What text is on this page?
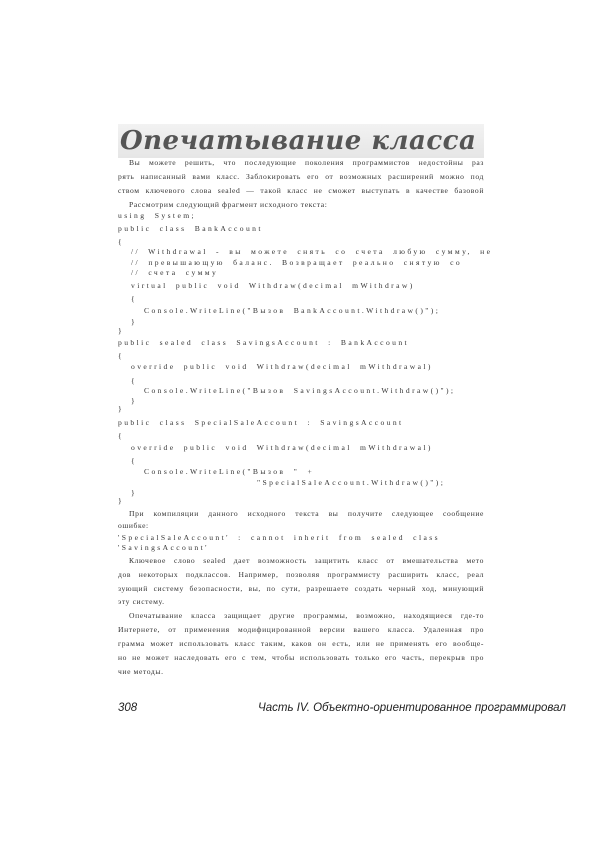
Опечатывание класса
Вы можете решить, что последующие поколения программистов недостойны раз
рять написанный вами класс. Заблокировать его от возможных расширений можно под
ством ключевого слова sealed — такой класс не сможет выступать в качестве базовой
Рассмотрим следующий фрагмент исходного текста:
using System;
public class BankAccount
{
// Withdrawal - вы можете снять со счета любую сумму, не
// превышающую баланс. Возвращает реально снятую со
// счета сумму
virtual public void Withdraw(decimal mWithdraw)
{
Console.WriteLine("Вызов BankAccount.Withdraw()");
}
}
public sealed class SavingsAccount : BankAccount
{
override public void Withdraw(decimal mWithdrawal)
{
Console.WriteLine("Вызов SavingsAccount.Withdraw()");
}
}
public class SpecialSaleAccount : SavingsAccount
{
override public void Withdraw(decimal mWithdrawal)
{
Console.WriteLine("Вызов " +
"SpecialSaleAccount.Withdraw()");
}
}
При компиляции данного исходного текста вы получите следующее сообщение
ошибке:
'SpecialSaleAccount' : cannot inherit from sealed class
'SavingsAccount'
Ключевое слово sealed дает возможность защитить класс от вмешательства мето
дов некоторых подклассов. Например, позволяя программисту расширить класс, реал
зующий систему безопасности, вы, по сути, разрешаете создать черный ход, минующий
эту систему.
Опечатывание класса защищает другие программы, возможно, находящиеся где-то
Интернете, от применения модифицированной версии вашего класса. Удаленная про
грамма может использовать класс таким, каков он есть, или не применять его вообще-
но не может наследовать его с тем, чтобы использовать только его часть, перекрыв про
чие методы.
308	Часть IV. Объектно-ориентированное программировал
